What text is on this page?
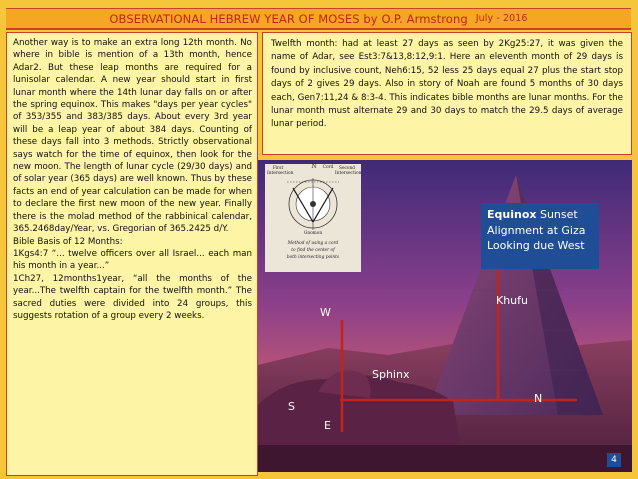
OBSERVATIONAL HEBREW YEAR OF MOSES by O.P. Armstrong July - 2016

Another way is to make an extra long 12th month. No where in bible is mention of a 13th month, hence Adar2. But these leap months are required for a lunisolar calendar. A new year should start in first lunar month where the 14th lunar day falls on or after the spring equinox. This makes "days per year cycles" of 353/355 and 383/385 days. About every 3rd year will be a leap year of about 384 days. Counting of these days fall into 3 methods. Strictly observational says watch for the time of equinox, then look for the new moon. The length of lunar cycle (29/30 days) and of solar year (365 days) are well known. Thus by these facts an end of year calculation can be made for when to declare the first new moon of the new year. Finally there is the molad method of the rabbinical calendar, 365.2468day/Year, vs. Gregorian of 365.2425 d/Y.

Bible Basis of 12 Months:

1Kgs4:7 “... twelve officers over all Israel... each man his month in a year...”

1Ch27, 12months1year, “all the months of the year...The twelfth captain for the twelfth month.” The sacred duties were divided into 24 groups, this suggests rotation of a group every 2 weeks.

Twelfth month: had at least 27 days as seen by 2Kg25:27, it was given the name of Adar, see Est3:7&13,8:12,9:1. Here an eleventh month of 29 days is found by inclusive count, Neh6:15, 52 less 25 days equal 27 plus the start stop days of 2 gives 29 days. Also in story of Noah are found 5 months of 30 days each, Gen7:11,24 & 8:3-4. This indicates bible months are lunar months. For the lunar month must alternate 29 and 30 days to match the 29.5 days of average lunar period.

First Intersection
N	Cord	Second Intersection
Gnomon
Method of using a cord
to find the center of
both intersecting points
Equinox Sunset Alignment at Giza Looking due West
Khufu
W
Sphinx
S
N
E
4
